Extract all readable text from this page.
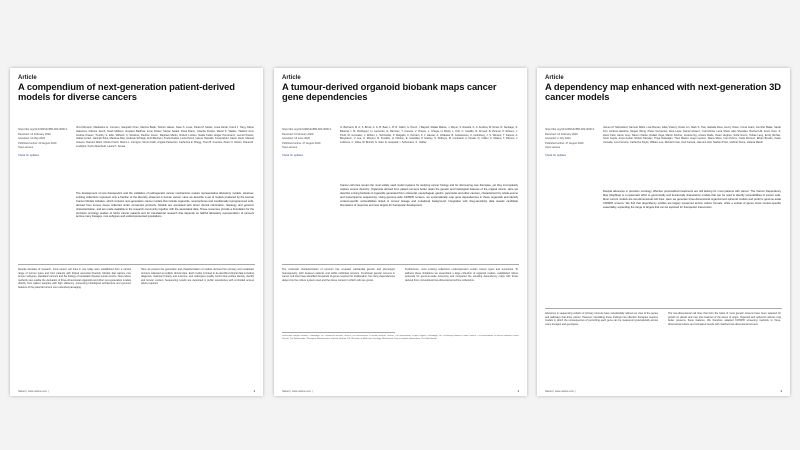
Article
A compendium of next-generation patient-derived models for diverse cancers
https://doi.org/10.1038/s41586-000-0000-0
Received: 14 February 2020
Accepted: 11 May 2020
Published online: 20 August 2020
Open access
Check for updates
Vira Dittmann, Madeleine H. Jonsson, Sampath Chen, Marcos Bade, Toshiro Hasan, Sean A. Lowe, Paula M. Marks, Luisa Zardo, Kamil J. Tang, Dafne Vakarova, Fabrice Jacob, Noah Mellens, Gustavo Baldivia, Irene Dosier, Sanjar Sadek, Rosa Brann, Claudia Franke, Mariel K. Walker, Vladimir Kral, Andrea Krausz, Timothy S. Ellis, Wilhelm C. Reckner, Pauline Gruen, Raphael Martin, Robert Lorden, Nadia Keller, Edgar Pomerantz, Leonid Pavlov, Isabel Cortez, Hannah Silva, Mariana Aldo, Andreas Schlapp, Emil Bentsen, Frank Dudek, Lucia Perez, Hanne Vassallo, Jonas Ebert, Karen Hurst, Manuel Greene, Dariusz Ward, Nicole Frisch, Marco L. Ferrigno, Simon Dahl, Angela Piacentini, Catherine E. Bragg, Theo B. Fuentes, Peter N. Oshiro, Daniel R. Lindqvist, Karim Marchetti, Laura K. Sousa
The development of new therapeutics and the validation of pathogenetic cancer mechanisms require representative laboratory models. However, existing collections represent only a fraction of the diversity observed in human cancer. Here we describe a set of models produced by the Human Cancer Models Initiative, which contains next-generation cancer models that include organoids, neurospheres and conditionally reprogrammed cells, derived from tumour tissue collected under consented protocols. Models are annotated with donor clinical information, histology and genomic characterization, and are made available to the research community together with the associated data. These resources provide a foundation for the precision oncology studies of future cancer patients and for translational research that depends on faithful laboratory representation of tumours across many lineages, rare subtypes and underrepresented populations.
Despite decades of research, most cancer cell lines in use today were established from a narrow range of tumour types and from patients with limited ancestral diversity. Models that capture rare tumour subtypes, paediatric cancers and the biology of metastatic disease remain scarce. New culture methods now enable the derivation of three-dimensional organoids and other next-generation models directly from patient samples with high efficiency, preserving histological architecture and genomic features of the parental tumour over extended passaging.
Here we present the generation and characterization of models derived from primary and metastatic tumours collected at multiple clinical sites. Each model is linked to de-identified clinical data including diagnosis, treatment history and outcome, and undergoes quality control that verifies identity, sterility and tumour content. Sequencing results are deposited in public repositories with controlled access where required.
Nature | www.nature.com |	1
Article
A tumour-derived organoid biobank maps cancer gene dependencies
https://doi.org/10.1038/s41586-000-0000-0
Received: 6 February 2020
Accepted: 19 June 2020
Published online: 27 August 2020
Open access
Check for updates
G. Bertrand, M. A. S. Bruck, A. G. B. Baul, L. B. R. Gillert, G. Perez, I. Bayard, Rafael Mattos, J. Meyer, S. Ravella, K. A. Andrew, M. Rossi, R. Santiago, S. Batteria, I. M. Rodriguez, H. Lavrenko, E. Ramirez, T. Cuevas, V. Vintero, L. Ortega, H. Bixler, L. Kofi, C. Castillo, R. Ahmed, B. Zimmer, P. Eriksen, J. Pruitt, M. Gonzalez, J. Wilson, L. Schroeder, P. Delgado, C. Kersten, F. J. Hauser, A. Ishikawa, B. Gustavsson, K. Holmberg, J. S. Wintour, T. Kapoor, A. Bergstrom, V. Lee, O. Moreno, R. Franklin, H. Nilsson, E. Kowalski, P. Hartley, S. Shibuya, M. Lombardi, A. Novak, D. Collier, F. Solano, T. Ramos, J. Lefebvre, C. Ulloa, W. Brandt, N. Sato, E. Gaspard, I. Schumann, K. Valdez
Cancer cell lines remain the most widely used model systems for studying cancer biology and for discovering new therapies, yet they incompletely capture tumour diversity. Organoids derived from patient tumours better retain the genetic and histological features of the original cancer. Here we describe a living biobank of organoids generated from colorectal, oesophageal, gastric, pancreatic and other cancers, characterized by whole-exome and transcriptome sequencing. Using genome-wide CRISPR screens, we systematically map gene dependencies in these organoids and identify context-specific vulnerabilities linked to tumour lineage and mutational background. Integration with drug-sensitivity data reveals candidate biomarkers of response and new targets for therapeutic development.
The molecular characterization of tumours has revealed substantial genetic and phenotypic heterogeneity, both between patients and within individual tumours. Functional genetic screens in cancer cell lines have identified thousands of genes required for proliferation, but many dependencies depend on the culture system used and the tissue context in which cells are grown.
Furthermore, most existing collections underrepresent certain cancer types and ancestries. To address these limitations we assembled a large collection of organoid models, established robust protocols for genome-scale screening and compared the resulting dependency maps with those derived from conventional two-dimensional cell line collections.
1Wellcome Sanger Institute, Cambridge, UK. 2Hubrecht Institute, Utrecht, The Netherlands. 3Oncode Institute, Utrecht, The Netherlands. 4Open Targets, Cambridge, UK. 5University Medical Centre Utrecht, The Netherlands. 6Princess Maxima Center, Utrecht, The Netherlands. 7European Bioinformatics Institute, Hinxton, UK. 8Division of Molecular Oncology, Netherlands Cancer Institute, Amsterdam, The Netherlands.
Nature | www.nature.com |	1
Article
A dependency map enhanced with next-generation 3D cancer models
https://doi.org/10.1038/s41586-000-0000-0
Received: 10 February 2020
Accepted: 2 July 2020
Published online: 27 August 2020
Open access
Check for updates
James M. McFarland, Samuel Wells, Lisa Brenan, Elise Vickery, Nolan Lin, Mark K. Tsai, Isabella Ross, Henry Olsen, Fiona Grant, Jennifer Blake, Sarah Kim, Andrew Hawkins, Megan Wong, Pieter Cervantes, Zara Lowe, Daniel Alvarez, Yuki Morita, Lena Shaw, Alan Sheridan, Rachel Hill, Kevin Osei, Ji-Hoon Park, Aaron Levy, Naomi Clarke, Rafael Vega, Martin Fischer, Jessica Ng, Amara Diallo, Owen Hughes, Sofia Greco, Tobias Lang, Emily Richter, Sunil Gupta, Anna Kowal, Robert Mendez, Priya Natarajan, Theo Baxter, Hugo Leclerc, Diana Moss, Ivan Petrov, Carla Romero, Ethan Brooks, Keiko Yamada, Luis Ferreira, Catherine Doyle, William Lee, Richard Cole, Amir Farouk, Jasmine Holt, Nathan Price, Gabriel Stone, Helena Marsh
Despite advances in precision oncology, effective personalized treatments are still lacking for most patients with cancer. The Cancer Dependency Map (DepMap) is a systematic effort to genomically and functionally characterize models that can be used to identify vulnerabilities of cancer cells. Most current models are two-dimensional cell lines. Here we generate three-dimensional organoid and spheroid models and perform genome-scale CRISPR screens. We find that dependency profiles are largely preserved across culture formats, while a subset of genes show context-specific essentiality, expanding the range of targets that can be explored for therapeutic intervention.
Advances in sequencing cohorts of primary tumours have substantially refined our view of the genes and pathways that drive cancer. However, translating these findings into effective therapies requires models in which the consequences of perturbing each gene can be measured systematically across many lineages and genotypes.
The two-dimensional cell lines that form the basis of most genetic screens have been selected for growth on plastic and may lose features of the tissue of origin. Organoid and spheroid cultures may better preserve these features. We therefore adapted CRISPR screening methods to three-dimensional culture and compared results with matched two-dimensional screens.
Nature | www.nature.com |	1
